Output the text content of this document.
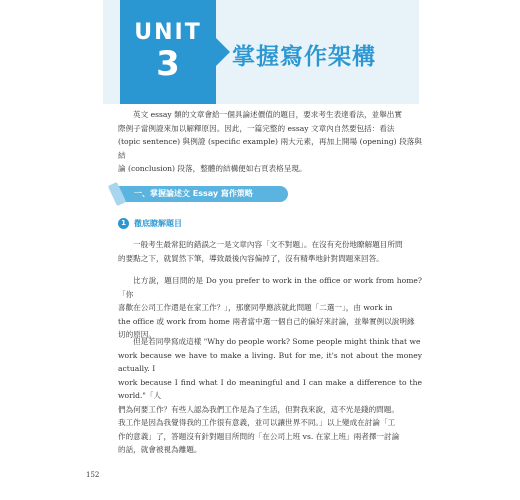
UNIT
3 掌握寫作架構
英文 essay 類的文章會給一個具論述價值的題目，要求考生表達看法，並舉出實
際例子當例證來加以解釋原因。因此，一篇完整的 essay 文章內自然要包括：看法
(topic sentence) 與例證 (specific example) 兩大元素，再加上開場 (opening) 段落與結
論 (conclusion) 段落，整體的結構便如右頁表格呈現。
一、掌握論述文 Essay 寫作策略
1	徹底瞭解題目
一般考生最常犯的錯誤之一是文章內容「文不對題」。在沒有充份地瞭解題目所問
的要點之下，就貿然下筆，導致最後內容偏掉了，沒有精準地針對問題來回答。
比方說，題目問的是 Do you prefer to work in the office or work from home?「你
喜歡在公司工作還是在家工作？」，那麼同學應該就此問題「二選一」，由 work in
the office 或 work from home 兩者當中選一個自己的偏好來討論，並舉實例以說明緣
切的原因。
但是若同學寫成這樣 "Why do people work? Some people might think that we
work because we have to make a living. But for me, it's not about the money actually. I
work because I find what I do meaningful and I can make a difference to the world."「人
們為何要工作？有些人認為我們工作是為了生活，但對我來說，這不光是錢的問題。
我工作是因為我覺得我的工作很有意義，並可以讓世界不同。」以上變成在討論「工
作的意義」了，答題沒有針對題目所問的「在公司上班 vs. 在家上班」兩者擇一討論
的話，就會被視為離題。
152
